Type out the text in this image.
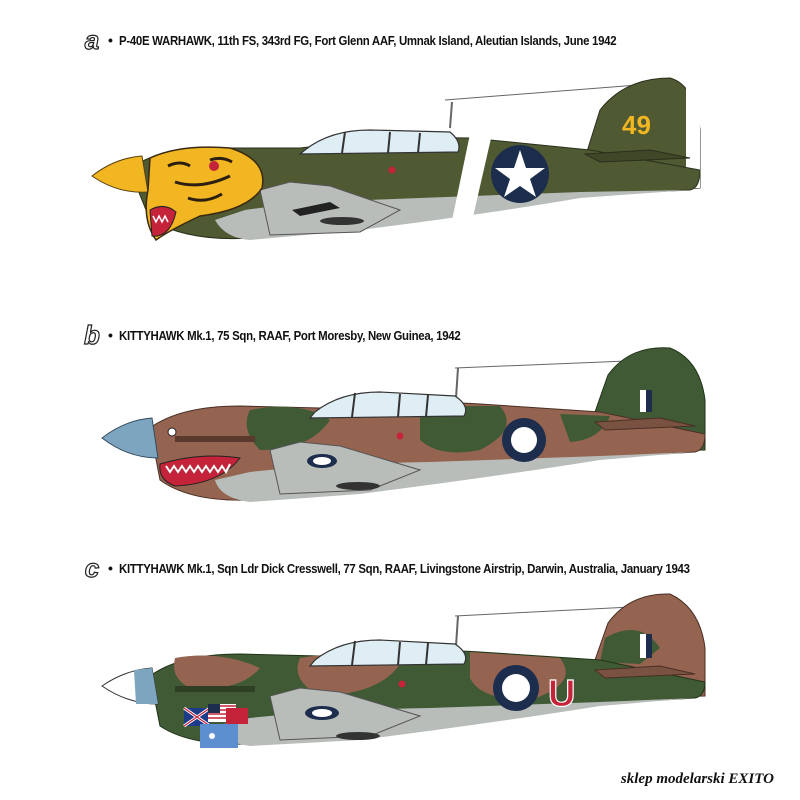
a • P-40E WARHAWK, 11th FS, 343rd FG, Fort Glenn AAF, Umnak Island, Aleutian Islands, June 1942
49
b • KITTYHAWK Mk.1, 75 Sqn, RAAF, Port Moresby, New Guinea, 1942
c • KITTYHAWK Mk.1, Sqn Ldr Dick Cresswell, 77 Sqn, RAAF, Livingstone Airstrip, Darwin, Australia, January 1943
U
sklep modelarski EXITO
